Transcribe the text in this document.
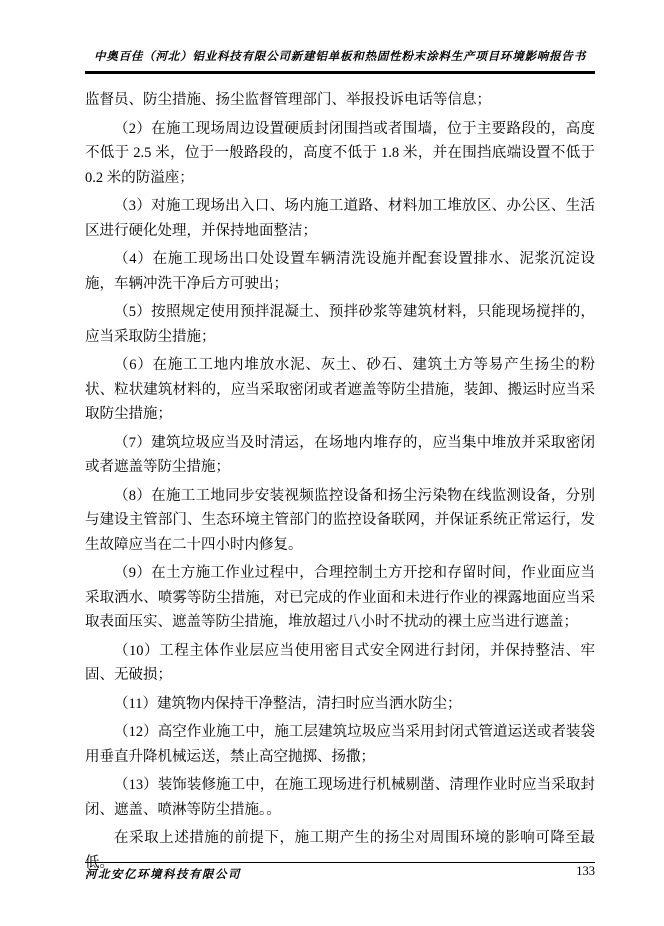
中奥百佳（河北）铝业科技有限公司新建铝单板和热固性粉末涂料生产项目环境影响报告书

监督员、防尘措施、扬尘监督管理部门、举报投诉电话等信息；

（2）在施工现场周边设置硬质封闭围挡或者围墙，位于主要路段的，高度不低于 2.5 米，位于一般路段的，高度不低于 1.8 米，并在围挡底端设置不低于 0.2 米的防溢座；

（3）对施工现场出入口、场内施工道路、材料加工堆放区、办公区、生活区进行硬化处理，并保持地面整洁；

（4）在施工现场出口处设置车辆清洗设施并配套设置排水、泥浆沉淀设施，车辆冲洗干净后方可驶出；

（5）按照规定使用预拌混凝土、预拌砂浆等建筑材料，只能现场搅拌的，应当采取防尘措施；

（6）在施工工地内堆放水泥、灰土、砂石、建筑土方等易产生扬尘的粉状、粒状建筑材料的，应当采取密闭或者遮盖等防尘措施，装卸、搬运时应当采取防尘措施；

（7）建筑垃圾应当及时清运，在场地内堆存的，应当集中堆放并采取密闭或者遮盖等防尘措施；

（8）在施工工地同步安装视频监控设备和扬尘污染物在线监测设备，分别与建设主管部门、生态环境主管部门的监控设备联网，并保证系统正常运行，发生故障应当在二十四小时内修复。

（9）在土方施工作业过程中，合理控制土方开挖和存留时间，作业面应当采取洒水、喷雾等防尘措施，对已完成的作业面和未进行作业的裸露地面应当采取表面压实、遮盖等防尘措施，堆放超过八小时不扰动的裸土应当进行遮盖；

（10）工程主体作业层应当使用密目式安全网进行封闭，并保持整洁、牢固、无破损；

（11）建筑物内保持干净整洁，清扫时应当洒水防尘；

（12）高空作业施工中，施工层建筑垃圾应当采用封闭式管道运送或者装袋用垂直升降机械运送，禁止高空抛掷、扬撒；

（13）装饰装修施工中，在施工现场进行机械剔凿、清理作业时应当采取封闭、遮盖、喷淋等防尘措施。。

在采取上述措施的前提下，施工期产生的扬尘对周围环境的影响可降至最低。

河北安亿环境科技有限公司	133
